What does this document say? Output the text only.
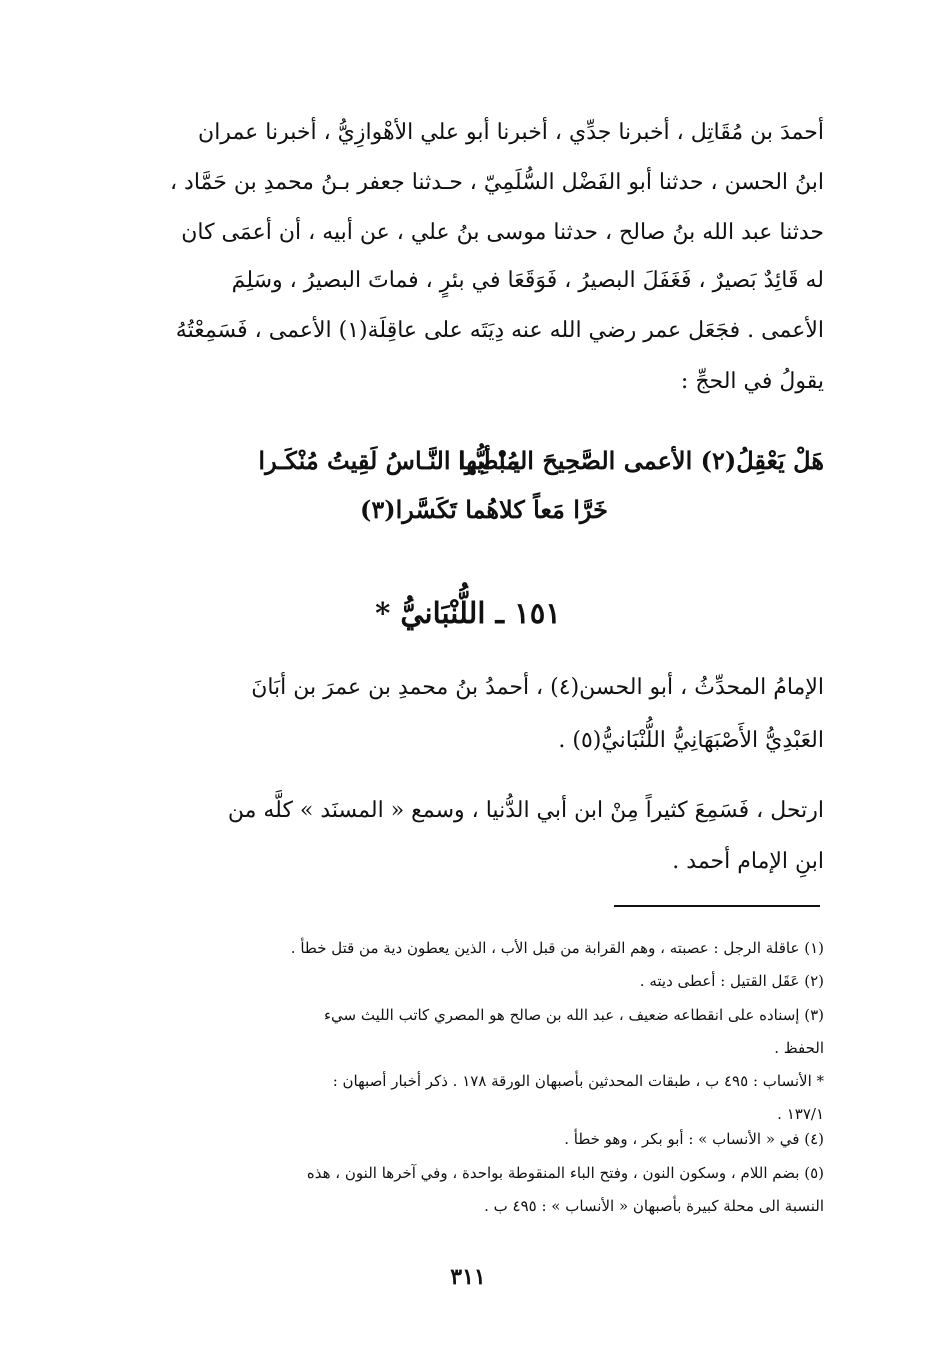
أحمدَ بن مُقَاتِل ، أخبرنا جدِّي ، أخبرنا أبو علي الأهْوازِيُّ ، أخبرنا عمران

ابنُ الحسن ، حدثنا أبو الفَضْل السُّلَمِيّ ، حـدثنا جعفر بـنُ محمدِ بن حَمَّاد ،

حدثنا عبد الله بنُ صالح ، حدثنا موسى بنُ علي ، عن أبيه ، أن أعمَى كان

له قَائِدٌ بَصيرٌ ، فَغَفَلَ البصيرُ ، فَوَقَعَا في بئرٍ ، فماتَ البصيرُ ، وسَلِمَ

الأعمى . فجَعَل عمر رضي الله عنه دِيَتَه على عاقِلَة(١) الأعمى ، فَسَمِعْتُهُ

يقولُ في الحجِّ :

يـا أيُّها النَّـاسُ لَقِيتُ مُنْكَـرا

هَلْ يَعْقِلُ(٢) الأعمى الصَّحِيحَ المُبْصِرا

خَرَّا مَعاً كلاهُما تَكَسَّرا(٣)

١٥١ ـ اللُّنْبَانيُّ *

الإمامُ المحدِّثُ ، أبو الحسن(٤) ، أحمدُ بنُ محمدِ بن عمرَ بن أبَانَ

العَبْدِيُّ الأَصْبَهَانِيُّ اللُّنْبَانيُّ(٥) .

ارتحل ، فَسَمِعَ كثيراً مِنْ ابن أبي الدُّنيا ، وسمع « المسنَد » كلَّه من

ابنِ الإمام أحمد .

(١) عاقلة الرجل : عصبته ، وهم القرابة من قبل الأب ، الذين يعطون دية من قتل خطأ .

(٢) عَقَل القتيل : أعطى ديته .

(٣) إسناده على انقطاعه ضعيف ، عبد الله بن صالح هو المصري كاتب الليث سيء

الحفظ .

* الأنساب : ٤٩٥ ب ، طبقات المحدثين بأصبهان الورقة ١٧٨ . ذكر أخبار أصبهان :

١٣٧/١ .

(٤) في « الأنساب » : أبو بكر ، وهو خطأ .

(٥) بضم اللام ، وسكون النون ، وفتح الباء المنقوطة بواحدة ، وفي آخرها النون ، هذه

النسبة الى محلة كبيرة بأصبهان « الأنساب » : ٤٩٥ ب .

٣١١
